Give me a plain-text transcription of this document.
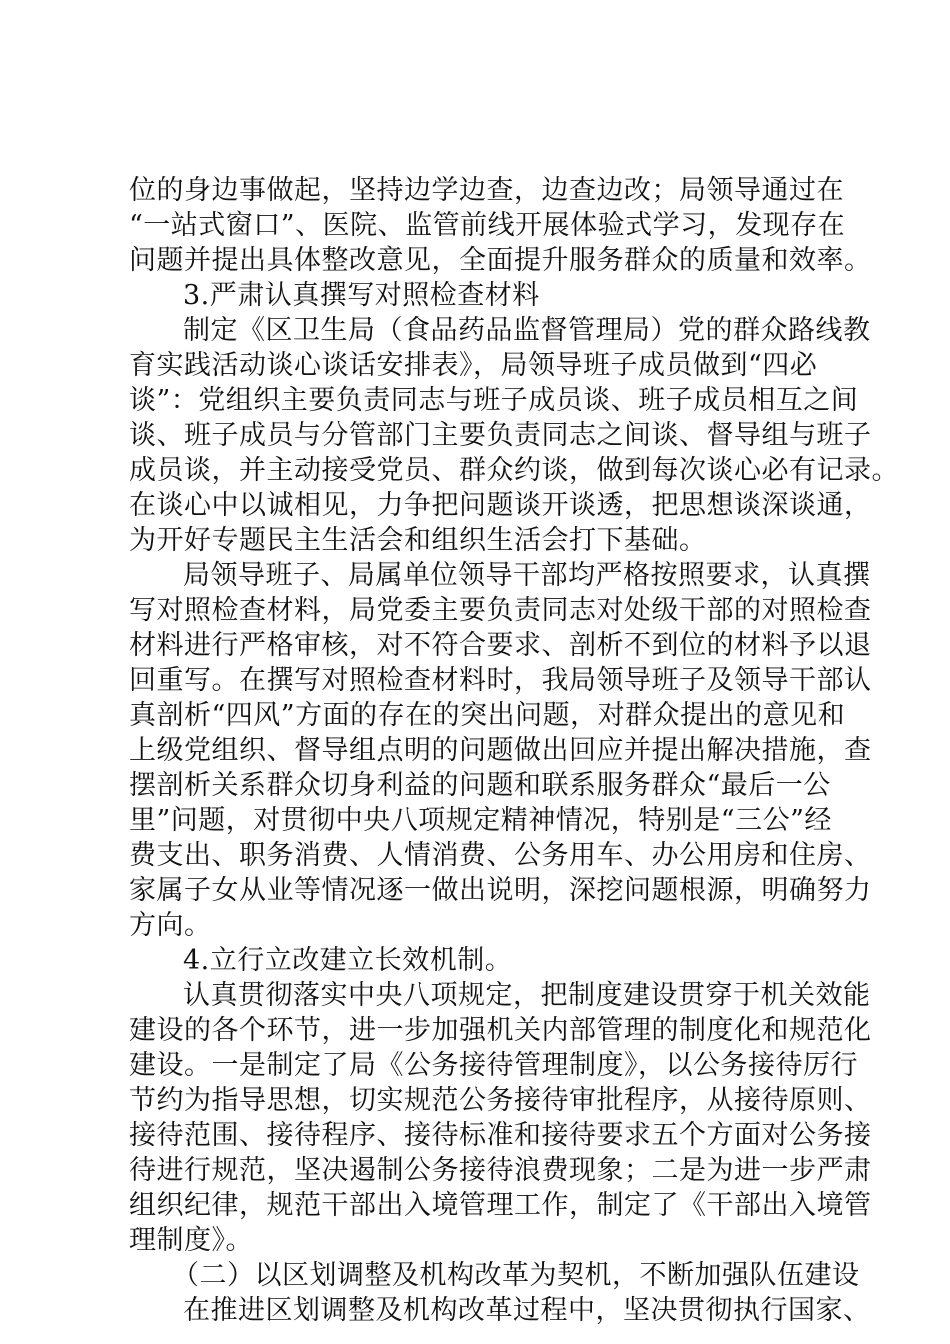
位的身边事做起，坚持边学边查，边查边改；局领导通过在
“一站式窗口”、医院、监管前线开展体验式学习，发现存在
问题并提出具体整改意见，全面提升服务群众的质量和效率。
3.严肃认真撰写对照检查材料
制定《区卫生局（食品药品监督管理局）党的群众路线教
育实践活动谈心谈话安排表》，局领导班子成员做到“四必
谈”：党组织主要负责同志与班子成员谈、班子成员相互之间
谈、班子成员与分管部门主要负责同志之间谈、督导组与班子
成员谈，并主动接受党员、群众约谈，做到每次谈心必有记录。
在谈心中以诚相见，力争把问题谈开谈透，把思想谈深谈通，
为开好专题民主生活会和组织生活会打下基础。
局领导班子、局属单位领导干部均严格按照要求，认真撰
写对照检查材料，局党委主要负责同志对处级干部的对照检查
材料进行严格审核，对不符合要求、剖析不到位的材料予以退
回重写。在撰写对照检查材料时，我局领导班子及领导干部认
真剖析“四风”方面的存在的突出问题，对群众提出的意见和
上级党组织、督导组点明的问题做出回应并提出解决措施，查
摆剖析关系群众切身利益的问题和联系服务群众“最后一公
里”问题，对贯彻中央八项规定精神情况，特别是“三公”经
费支出、职务消费、人情消费、公务用车、办公用房和住房、
家属子女从业等情况逐一做出说明，深挖问题根源，明确努力
方向。
4.立行立改建立长效机制。
认真贯彻落实中央八项规定，把制度建设贯穿于机关效能
建设的各个环节，进一步加强机关内部管理的制度化和规范化
建设。一是制定了局《公务接待管理制度》，以公务接待厉行
节约为指导思想，切实规范公务接待审批程序，从接待原则、
接待范围、接待程序、接待标准和接待要求五个方面对公务接
待进行规范，坚决遏制公务接待浪费现象；二是为进一步严肃
组织纪律，规范干部出入境管理工作，制定了《干部出入境管
理制度》。
（二）以区划调整及机构改革为契机，不断加强队伍建设
在推进区划调整及机构改革过程中，坚决贯彻执行国家、
